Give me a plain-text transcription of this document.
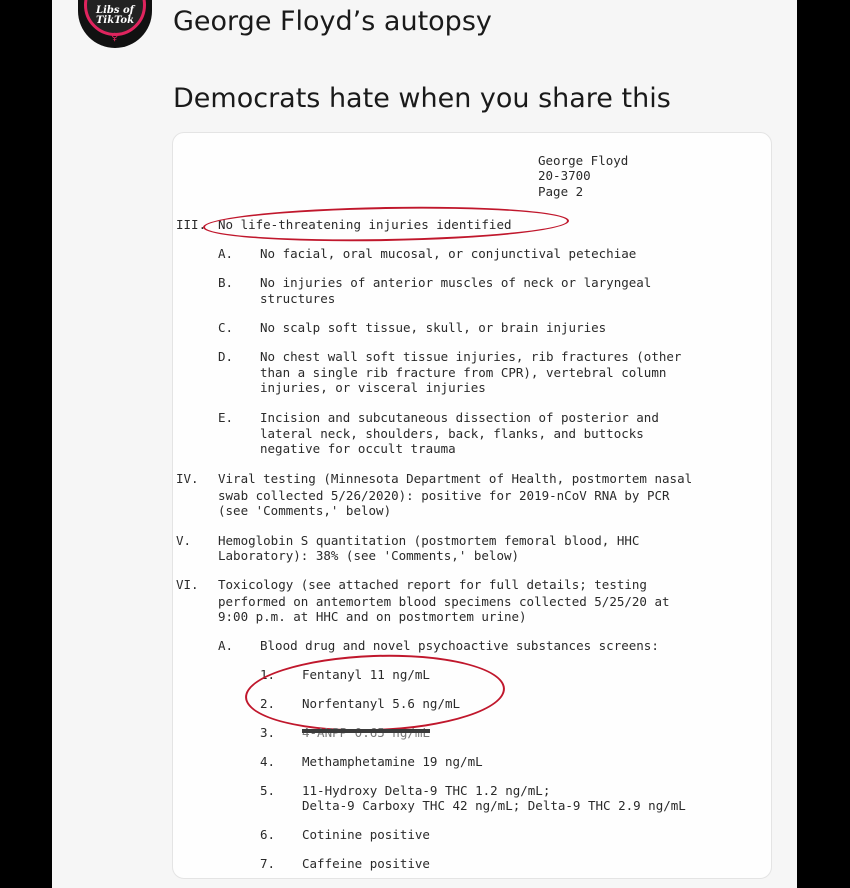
Libs of TikTok
♀
George Floyd’s autopsy
Democrats hate when you share this
George Floyd
20-3700
Page 2
III. No life-threatening injuries identified
A. No facial, oral mucosal, or conjunctival petechiae
B. No injuries of anterior muscles of neck or laryngeal
structures
C. No scalp soft tissue, skull, or brain injuries
D. No chest wall soft tissue injuries, rib fractures (other
than a single rib fracture from CPR), vertebral column
injuries, or visceral injuries
E. Incision and subcutaneous dissection of posterior and
lateral neck, shoulders, back, flanks, and buttocks
negative for occult trauma
IV. Viral testing (Minnesota Department of Health, postmortem nasal
swab collected 5/26/2020): positive for 2019-nCoV RNA by PCR
(see 'Comments,' below)
V. Hemoglobin S quantitation (postmortem femoral blood, HHC
Laboratory): 38% (see 'Comments,' below)
VI. Toxicology (see attached report for full details; testing
performed on antemortem blood specimens collected 5/25/20 at
9:00 p.m. at HHC and on postmortem urine)
A. Blood drug and novel psychoactive substances screens:
1. Fentanyl 11 ng/mL
2. Norfentanyl 5.6 ng/mL
3.
4. Methamphetamine 19 ng/mL
5. 11-Hydroxy Delta-9 THC 1.2 ng/mL;
Delta-9 Carboxy THC 42 ng/mL; Delta-9 THC 2.9 ng/mL
6. Cotinine positive
7. Caffeine positive
